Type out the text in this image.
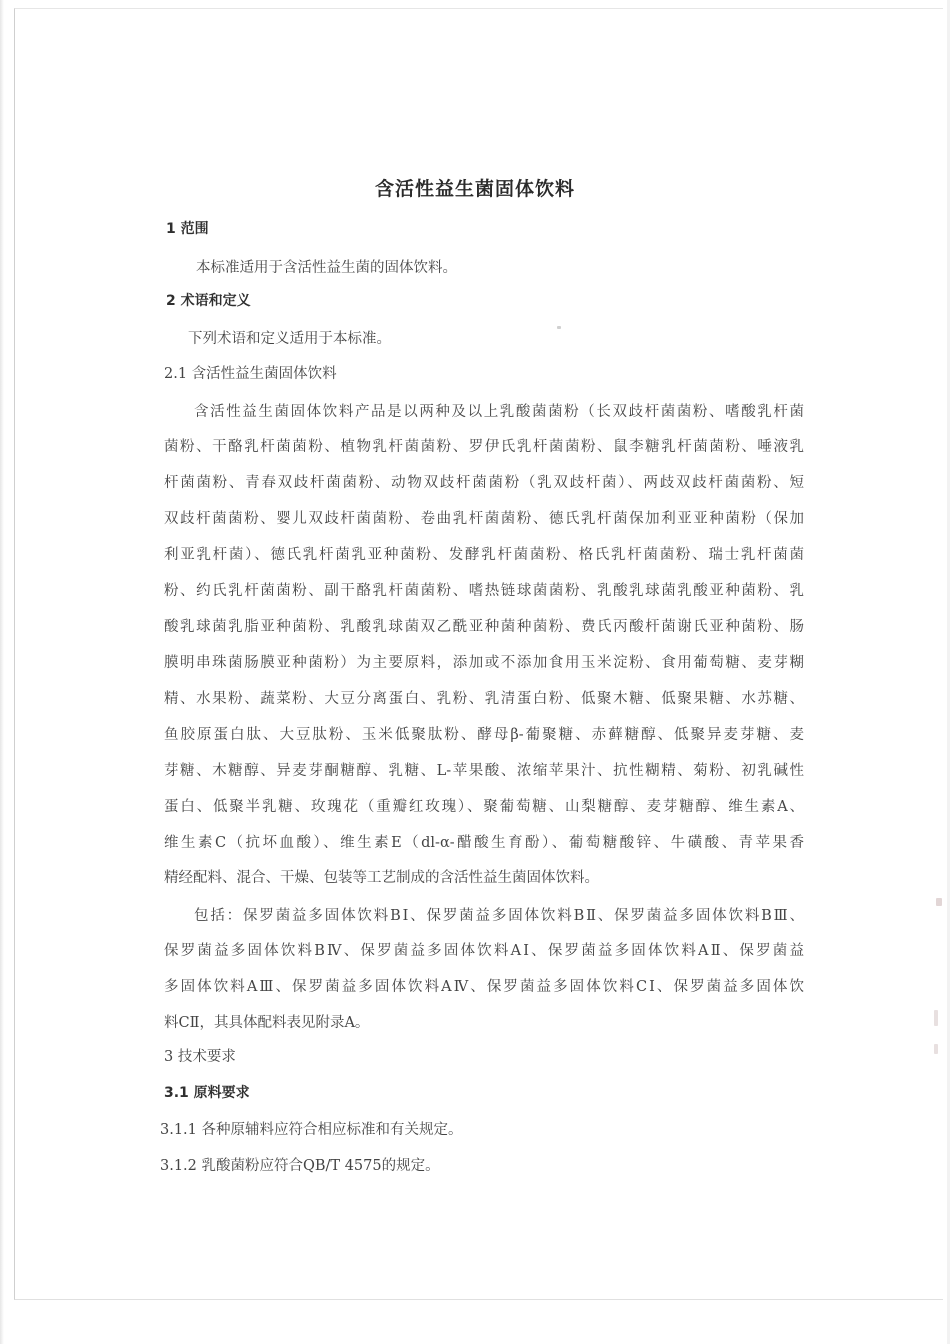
含活性益生菌固体饮料
1 范围
本标准适用于含活性益生菌的固体饮料。
2 术语和定义
下列术语和定义适用于本标准。
2.1 含活性益生菌固体饮料
含活性益生菌固体饮料产品是以两种及以上乳酸菌菌粉（长双歧杆菌菌粉、嗜酸乳杆菌
菌粉、干酪乳杆菌菌粉、植物乳杆菌菌粉、罗伊氏乳杆菌菌粉、鼠李糖乳杆菌菌粉、唾液乳
杆菌菌粉、青春双歧杆菌菌粉、动物双歧杆菌菌粉（乳双歧杆菌）、两歧双歧杆菌菌粉、短
双歧杆菌菌粉、婴儿双歧杆菌菌粉、卷曲乳杆菌菌粉、德氏乳杆菌保加利亚亚种菌粉（保加
利亚乳杆菌）、德氏乳杆菌乳亚种菌粉、发酵乳杆菌菌粉、格氏乳杆菌菌粉、瑞士乳杆菌菌
粉、约氏乳杆菌菌粉、副干酪乳杆菌菌粉、嗜热链球菌菌粉、乳酸乳球菌乳酸亚种菌粉、乳
酸乳球菌乳脂亚种菌粉、乳酸乳球菌双乙酰亚种菌种菌粉、费氏丙酸杆菌谢氏亚种菌粉、肠
膜明串珠菌肠膜亚种菌粉）为主要原料，添加或不添加食用玉米淀粉、食用葡萄糖、麦芽糊
精、水果粉、蔬菜粉、大豆分离蛋白、乳粉、乳清蛋白粉、低聚木糖、低聚果糖、水苏糖、
鱼胶原蛋白肽、大豆肽粉、玉米低聚肽粉、酵母β-葡聚糖、赤藓糖醇、低聚异麦芽糖、麦
芽糖、木糖醇、异麦芽酮糖醇、乳糖、L-苹果酸、浓缩苹果汁、抗性糊精、菊粉、初乳碱性
蛋白、低聚半乳糖、玫瑰花（重瓣红玫瑰）、聚葡萄糖、山梨糖醇、麦芽糖醇、维生素A、
维生素C（抗坏血酸）、维生素E（dl-α-醋酸生育酚）、葡萄糖酸锌、牛磺酸、青苹果香
精经配料、混合、干燥、包装等工艺制成的含活性益生菌固体饮料。
包括：保罗菌益多固体饮料BⅠ、保罗菌益多固体饮料BⅡ、保罗菌益多固体饮料BⅢ、
保罗菌益多固体饮料BⅣ、保罗菌益多固体饮料AⅠ、保罗菌益多固体饮料AⅡ、保罗菌益
多固体饮料AⅢ、保罗菌益多固体饮料AⅣ、保罗菌益多固体饮料CⅠ、保罗菌益多固体饮
料CⅡ，其具体配料表见附录A。
3 技术要求
3.1 原料要求
3.1.1 各种原辅料应符合相应标准和有关规定。
3.1.2 乳酸菌粉应符合QB/T 4575的规定。
